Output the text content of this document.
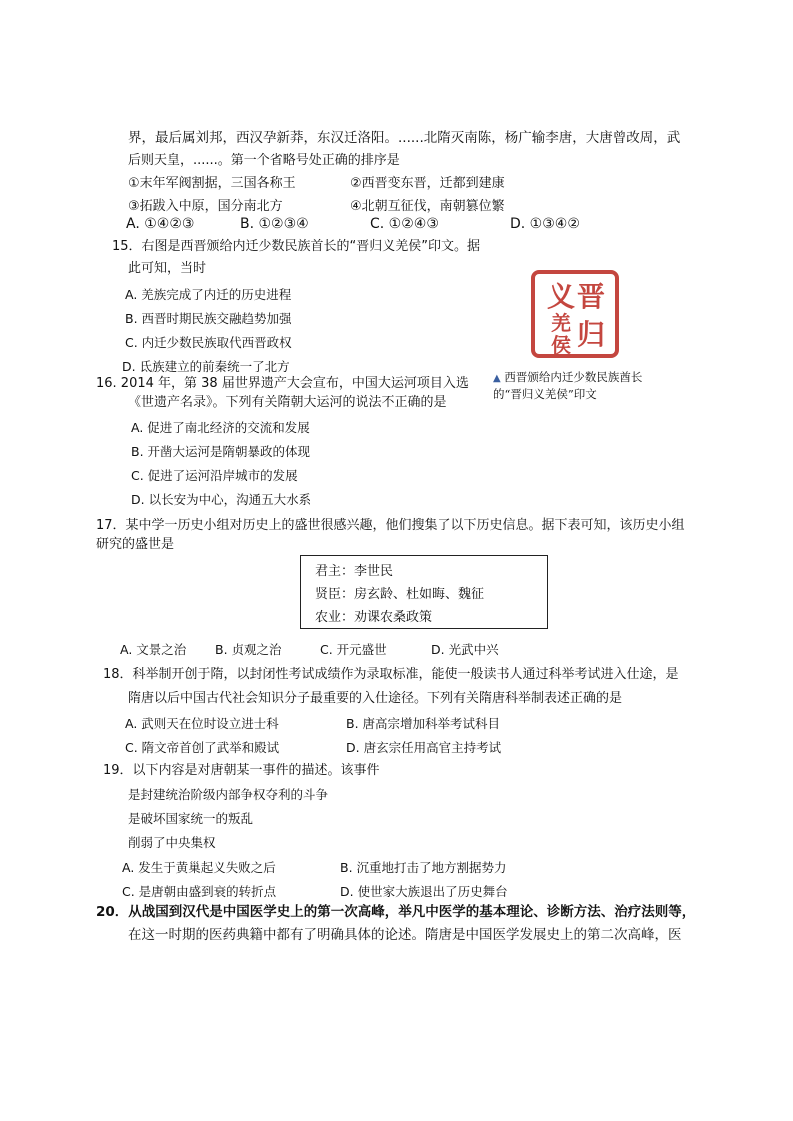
界，最后属刘邦，西汉孕新莽，东汉迁洛阳。......北隋灭南陈，杨广输李唐，大唐曾改周，武
后则天皇，......。第一个省略号处正确的排序是
①末年军阀割据，三国各称王	②西晋变东晋，迁都到建康
③拓跋入中原，国分南北方	④北朝互征伐，南朝篡位繁
A. ①④②③	B. ①②③④	C. ①②④③	D. ①③④②
15．右图是西晋颁给内迁少数民族首长的“晋归义羌侯”印文。据
此可知，当时
A. 羌族完成了内迁的历史进程
B. 西晋时期民族交融趋势加强
C. 内迁少数民族取代西晋政权
D. 氐族建立的前秦统一了北方
晋
归
义
羌
侯
▲ 西晋颁给内迁少数民族酋长
的“晋归义羌侯”印文
16. 2014 年，第 38 届世界遗产大会宣布，中国大运河项目入选
《世遗产名录》。下列有关隋朝大运河的说法不正确的是
A. 促进了南北经济的交流和发展
B. 开凿大运河是隋朝暴政的体现
C. 促进了运河沿岸城市的发展
D. 以长安为中心，沟通五大水系
17．某中学一历史小组对历史上的盛世很感兴趣，他们搜集了以下历史信息。据下表可知，该历史小组
研究的盛世是
君主：李世民
贤臣：房玄龄、杜如晦、魏征
农业：劝课农桑政策
A. 文景之治 B. 贞观之治	C. 开元盛世	D. 光武中兴
18．科举制开创于隋，以封闭性考试成绩作为录取标准，能使一般读书人通过科举考试进入仕途，是
隋唐以后中国古代社会知识分子最重要的入仕途径。下列有关隋唐科举制表述正确的是
A. 武则天在位时设立进士科	B. 唐高宗增加科举考试科目
C. 隋文帝首创了武举和殿试	D. 唐玄宗任用高官主持考试
19．以下内容是对唐朝某一事件的描述。该事件
是封建统治阶级内部争权夺利的斗争
是破坏国家统一的叛乱
削弱了中央集权
A. 发生于黄巢起义失败之后	B. 沉重地打击了地方割据势力
C. 是唐朝由盛到衰的转折点	D. 使世家大族退出了历史舞台
20．从战国到汉代是中国医学史上的第一次高峰，举凡中医学的基本理论、诊断方法、治疗法则等，
在这一时期的医药典籍中都有了明确具体的论述。隋唐是中国医学发展史上的第二次高峰，医
